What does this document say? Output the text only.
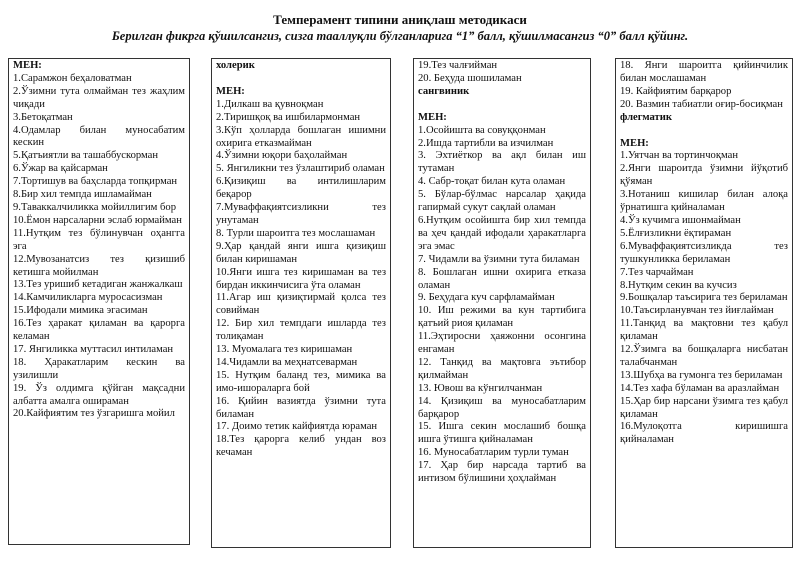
Темперамент типини аниқлаш методикаси
Берилган фикрга қўшилсангиз, сизга тааллуқли бўлганларига “1” балл, қўшилмасангиз “0” балл қўйинг.

МЕН:

1.Сарамжон беҳаловатман

2.Ўзимни тута олмайман тез жаҳлим чиқади

3.Бетоқатман

4.Одамлар билан муносабатим кескин

5.Қатъиятли ва ташаббускорман

6.Ўжар ва қайсарман

7.Тортишув ва баҳсларда топқирман

8.Бир хил темпда ишламайман

9.Таваккалчиликка мойиллигим бор

10.Ёмон нарсаларни эслаб юрмайман

11.Нутқим тез бўлинувчан оҳангга эга

12.Мувозанатсиз тез қизишиб кетишга мойилман

13.Тез уришиб кетадиган жанжалкаш

14.Камчиликларга муросасизман

15.Ифодали мимика эгасиман

16.Тез ҳаракат қиламан ва қарорга келаман

17. Янгиликка муттасил интиламан

18. Ҳаракатларим кескин ва узилишли

19. Ўз олдимга қўйган мақсадни албатта амалга ошираман

20.Кайфиятим тез ўзгаришга мойил

холерик

МЕН:

1.Дилкаш ва қувноқман

2.Тиришқоқ ва ишбилармонман

3.Кўп ҳолларда бошлаган ишимни охирига етказмайман

4.Ўзимни юқори баҳолайман

5. Янгиликни тез ўзлаштириб оламан

6.Қизиқиш ва интилишларим беқарор

7.Муваффақиятсизликни тез унутаман

8. Турли шароитга тез мослашаман

9.Ҳар қандай янги ишга қизиқиш билан киришаман

10.Янги ишга тез киришаман ва тез бирдан иккинчисига ўта оламан

11.Агар иш қизиқтирмай қолса тез совийман

12. Бир хил темпдаги ишларда тез толиқаман

13. Муомалага тез киришаман

14.Чидамли ва меҳнатсеварман

15. Нутқим баланд тез, мимика ва имо-ишораларга бой

16. Қийин вазиятда ўзимни тута биламан

17. Доимо тетик кайфиятда юраман

18.Тез қарорга келиб ундан воз кечаман

19.Тез чалғийман

20. Беҳуда шошиламан

сангвиник

МЕН:

1.Осойишта ва совуққонман

2.Ишда тартибли ва изчилман

3. Эхтиёткор ва ақл билан иш тутаман

4. Сабр-тоқат билан кута оламан

5. Бўлар-бўлмас нарсалар ҳақида гапирмай сукут сақлай оламан

6.Нутқим осойишта бир хил темпда ва ҳеч қандай ифодали ҳаракатларга эга эмас

7. Чидамли ва ўзимни тута биламан

8. Бошлаган ишни охирига етказа оламан

9. Беҳудага куч сарфламайман

10. Иш режими ва кун тартибига қатъий риоя қиламан

11.Эҳтиросни ҳаяжонни осонгина енгаман

12. Танқид ва мақтовга эътибор қилмайман

13. Ювош ва кўнгилчанман

14. Қизиқиш ва муносабатларим барқарор

15. Ишга секин мослашиб бошқа ишга ўтишга қийналаман

16. Муносабатларим турли туман

17. Ҳар бир нарсада тартиб ва интизом бўлишини ҳоҳлайман

18. Янги шароитга қийинчилик билан мослашаман

19. Кайфиятим барқарор

20. Вазмин табиатли оғир-босиқман

флегматик

МЕН:

1.Уятчан ва тортинчоқман

2.Янги шароитда ўзимни йўқотиб қўяман

3.Нотаниш кишилар билан алоқа ўрнатишга қийналаман

4.Ўз кучимга ишонмайман

5.Ёлғизликни ёқтираман

6.Муваффақиятсизликда тез тушкунликка бериламан

7.Тез чарчайман

8.Нутқим секин ва кучсиз

9.Бошқалар таъсирига тез бериламан

10.Таъсирланувчан тез йиғлайман

11.Танқид ва мақтовни тез қабул қиламан

12.Ўзимга ва бошқаларга нисбатан талабчанман

13.Шубҳа ва гумонга тез бериламан

14.Тез хафа бўламан ва аразлайман

15.Ҳар бир нарсани ўзимга тез қабул қиламан

16.Мулоқотга киришишга қийналаман
